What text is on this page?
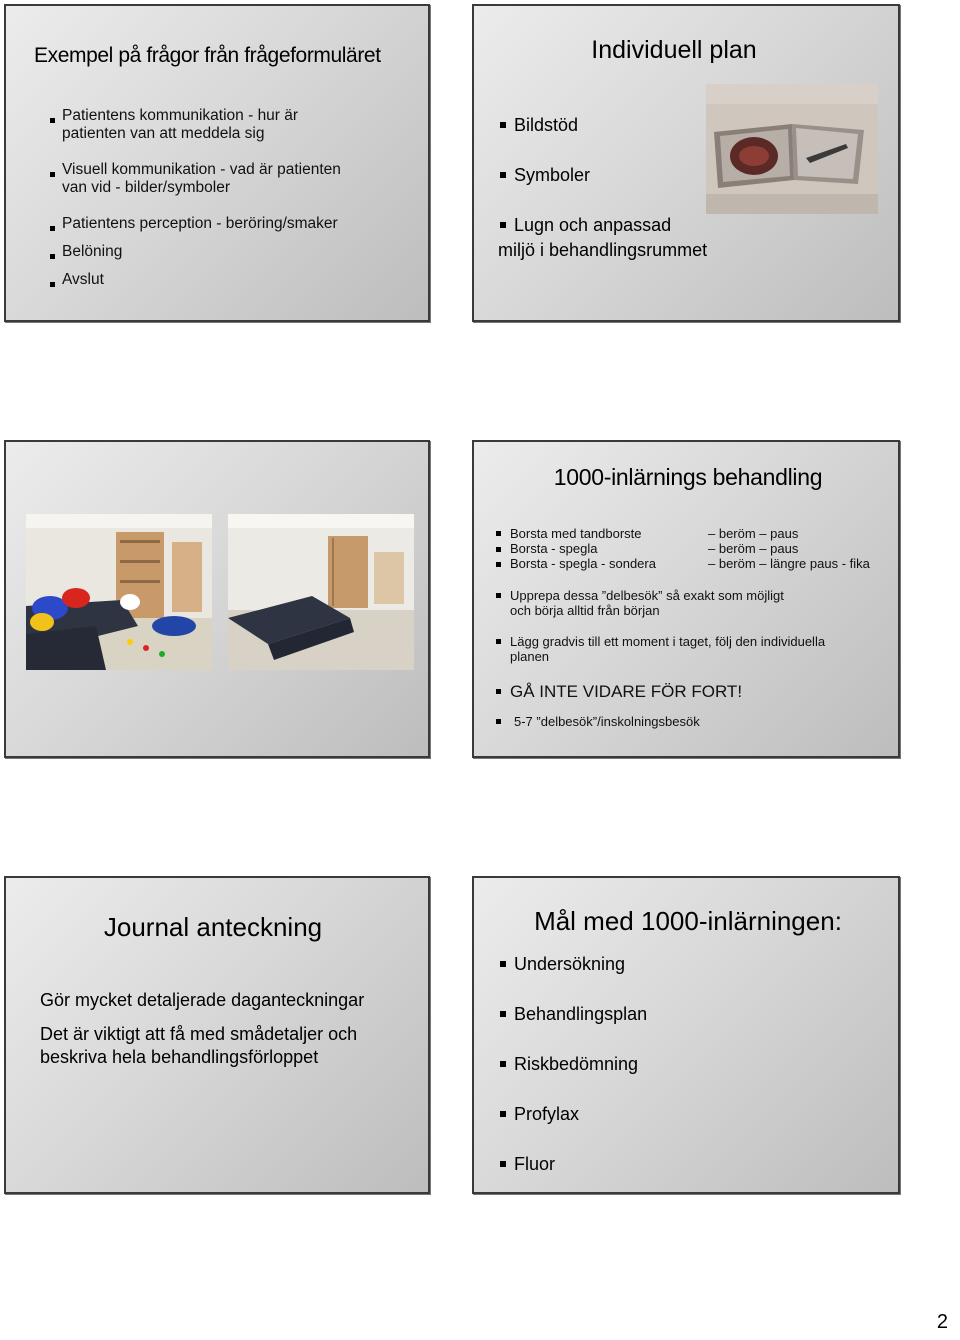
Exempel på frågor från frågeformuläret
Patientens kommunikation - hur är
patienten van att meddela sig
Visuell kommunikation - vad är patienten
van vid - bilder/symboler
Patientens perception - beröring/smaker
Belöning
Avslut
Individuell plan
Bildstöd
Symboler
Lugn och anpassad
miljö i behandlingsrummet
1000-inlärnings behandling
Borsta med tandborste
Borsta - spegla
Borsta - spegla - sondera
– beröm – paus
– beröm – paus
– beröm – längre paus - fika
Upprepa dessa ”delbesök” så exakt som möjligt
och börja alltid från början
Lägg gradvis till ett moment i taget, följ den individuella
planen
GÅ INTE VIDARE FÖR FORT!
5-7 ”delbesök”/inskolningsbesök
Journal anteckning
Gör mycket detaljerade daganteckningar
Det är viktigt att få med smådetaljer och
beskriva hela behandlingsförloppet
Mål med 1000-inlärningen:
Undersökning
Behandlingsplan
Riskbedömning
Profylax
Fluor
2
